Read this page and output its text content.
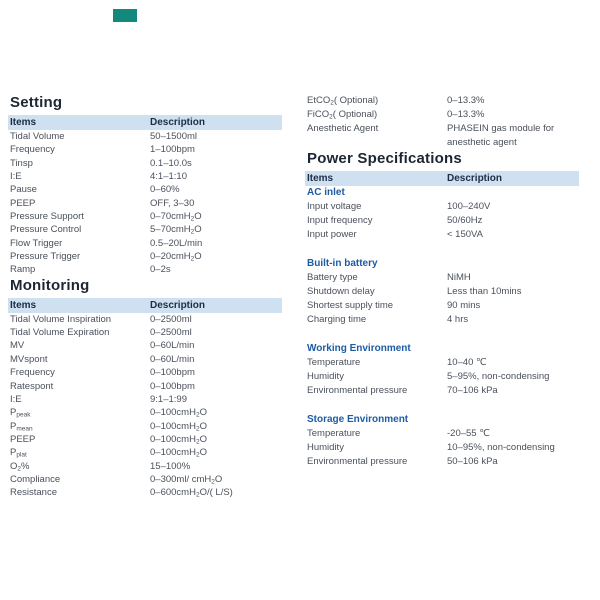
Setting
Items	Description
Tidal Volume	50–1500ml
Frequency	1–100bpm
Tinsp	0.1–10.0s
I:E	4:1–1:10
Pause	0–60%
PEEP	OFF, 3–30
Pressure Support	0–70cmH$_2$O
Pressure Control	5–70cmH$_2$O
Flow Trigger	0.5–20L/min
Pressure Trigger	0–20cmH$_2$O
Ramp	0–2s
Monitoring
Items	Description
Tidal Volume Inspiration	0–2500ml
Tidal Volume Expiration	0–2500ml
MV	0–60L/min
MVspont	0–60L/min
Frequency	0–100bpm
Ratespont	0–100bpm
I:E	9:1–1:99
$P_{peak}$	0–100cmH$_2$O
$P_{mean}$	0–100cmH$_2$O
PEEP	0–100cmH$_2$O
$P_{plat}$	0–100cmH$_2$O
$O_2\%$	15–100%
Compliance	0–300ml/ cmH$_2$O
Resistance	0–600cmH$_2$O/( L/S)
EtCO$_2$( Optional)	0–13.3%
FiCO$_2$( Optional)	0–13.3%
Anesthetic Agent	PHASEIN gas module for
anesthetic agent
Power Specifications
Items	Description
AC inlet
Input voltage	100–240V
Input frequency	50/60Hz
Input power	< 150VA
Built-in battery
Battery type	NiMH
Shutdown delay	Less than 10mins
Shortest supply time	90 mins
Charging time	4 hrs
Working Environment
Temperature	10–40 ℃
Humidity	5–95%, non-condensing
Environmental pressure	70–106 kPa
Storage Environment
Temperature	-20–55 ℃
Humidity	10–95%, non-condensing
Environmental pressure	50–106 kPa
